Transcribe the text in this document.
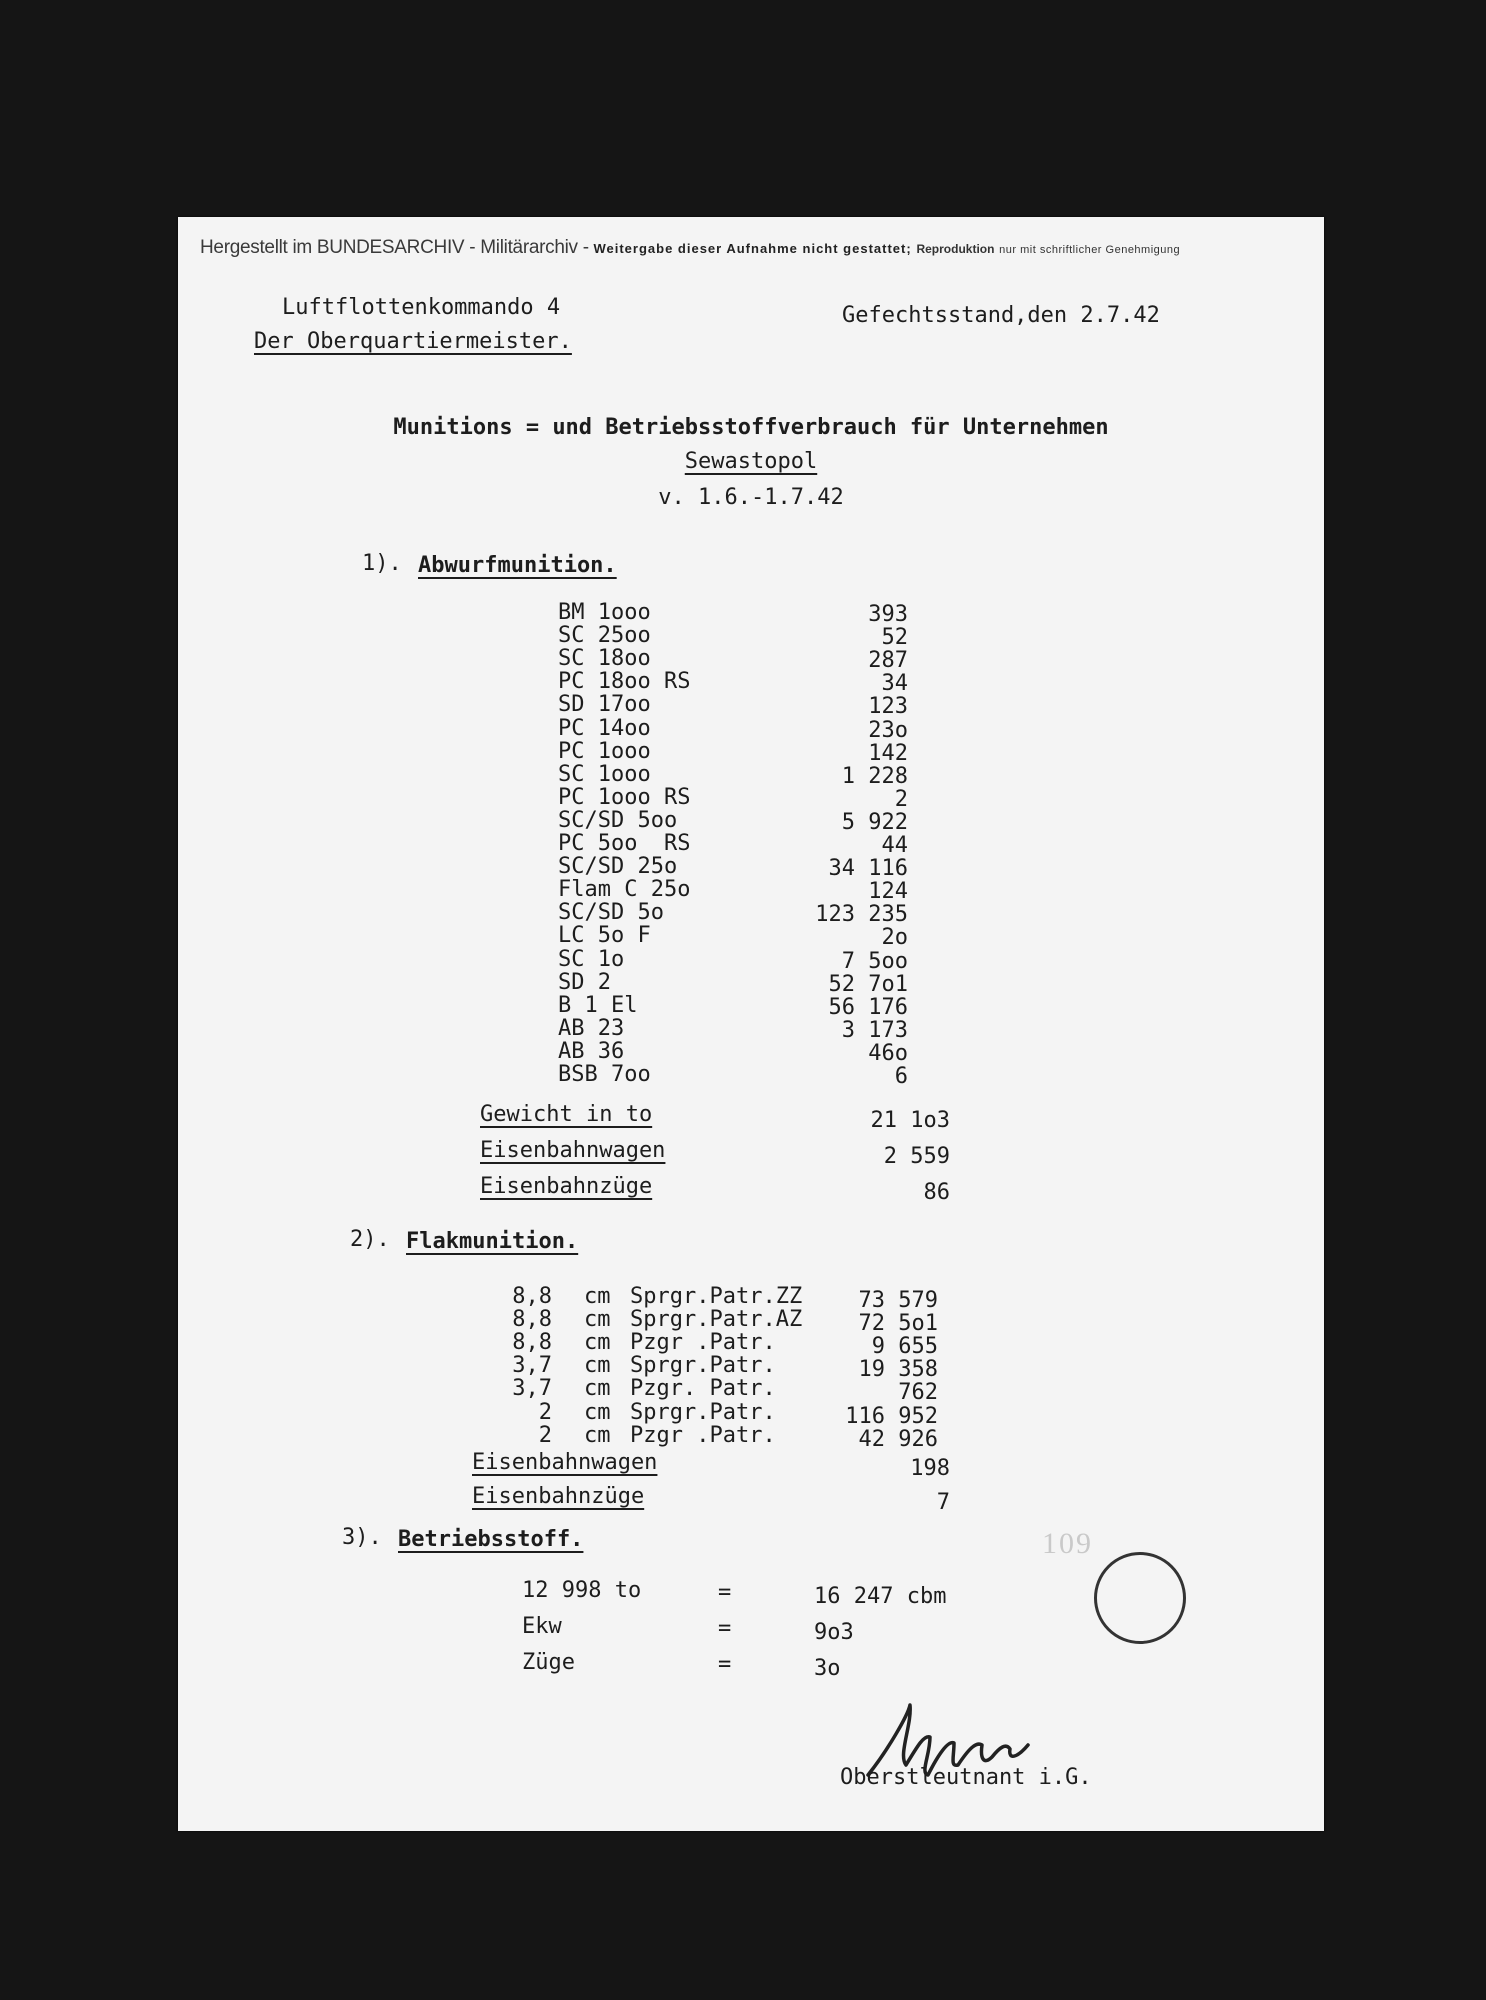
Hergestellt im BUNDESARCHIV - Militärarchiv - Weitergabe dieser Aufnahme nicht gestattet; Reproduktion nur mit schriftlicher Genehmigung
Luftflottenkommando 4
Der Oberquartiermeister.
Gefechtsstand,den 2.7.42
Munitions = und Betriebsstoffverbrauch für Unternehmen
Sewastopol
v. 1.6.-1.7.42
1). Abwurfmunition.
BM 1ooo	393
SC 25oo	52
SC 18oo	287
PC 18oo RS	34
SD 17oo	123
PC 14oo	23o
PC 1ooo	142
SC 1ooo	1 228
PC 1ooo RS	2
SC/SD 5oo	5 922
PC 5oo  RS	44
SC/SD 25o	34 116
Flam C 25o	124
SC/SD 5o	123 235
LC 5o F	2o
SC 1o	7 5oo
SD 2	52 7o1
B 1 El	56 176
AB 23	3 173
AB 36	46o
BSB 7oo	6
Gewicht in to	21 1o3
Eisenbahnwagen	2 559
Eisenbahnzüge	86
2). Flakmunition.
8,8 cm Sprgr.Patr.ZZ	73 579
8,8 cm Sprgr.Patr.AZ	72 5o1
8,8 cm Pzgr .Patr.	9 655
3,7 cm Sprgr.Patr.	19 358
3,7 cm Pzgr. Patr.	762
2 cm Sprgr.Patr.	116 952
2 cm Pzgr .Patr.	42 926
Eisenbahnwagen	198
Eisenbahnzüge	7
3). Betriebsstoff.
12 998 to	=	16 247 cbm
Ekw	=	9o3
Züge	=	3o
109
Oberstleutnant i.G.
